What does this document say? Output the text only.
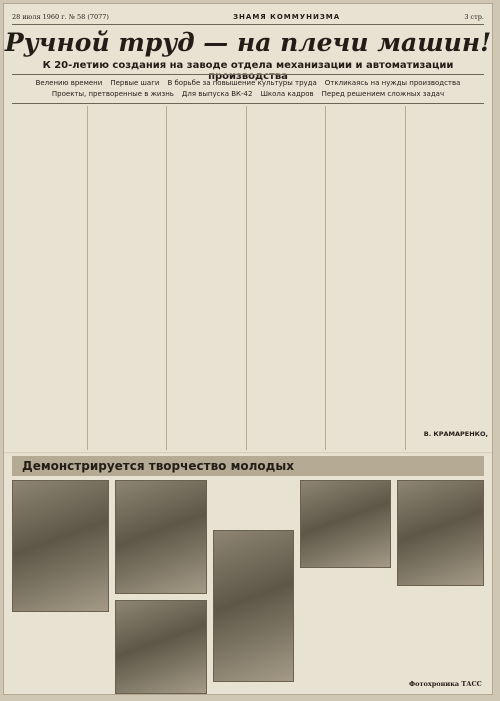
28 июля 1960 г. № 58 (7077)	ЗНАМЯ КОММУНИЗМА	3 стр.
Ручной труд — на плечи машин!
К 20-летию создания на заводе отдела механизации и автоматизации производства
Велению времени Первые шаги В борьбе за повышение культуры труда Откликаясь на нужды производства
Проекты, претворенные в жизнь Для выпуска ВК-42 Школа кадров Перед решением сложных задач
В. КРАМАРЕНКО,
Демонстрируется творчество молодых
Фотохроника ТАСС
